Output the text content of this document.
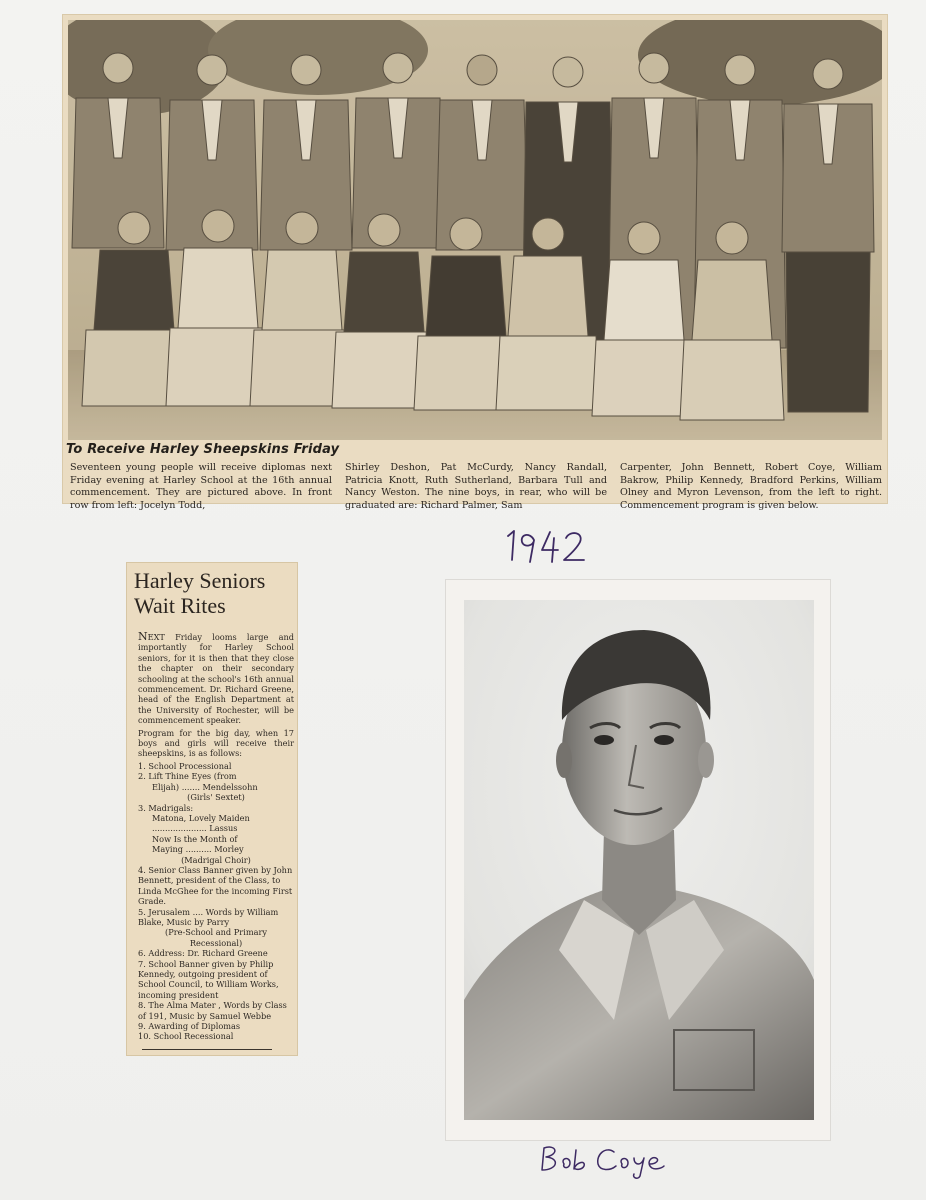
To Receive Harley Sheepskins Friday
Seventeen young people will receive diplomas next Friday evening at Harley School at the 16th annual commencement. They are pictured above. In front row from left: Jocelyn Todd,
Shirley Deshon, Pat McCurdy, Nancy Randall, Patricia Knott, Ruth Sutherland, Barbara Tull and Nancy Weston. The nine boys, in rear, who will be graduated are: Richard Palmer, Sam
Carpenter, John Bennett, Robert Coye, William Bakrow, Philip Kennedy, Bradford Perkins, William Olney and Myron Levenson, from the left to right. Commencement program is given below.
Harley Seniors Wait Rites

NEXT Friday looms large and importantly for Harley School seniors, for it is then that they close the chapter on their secondary schooling at the school's 16th annual commencement. Dr. Richard Greene, head of the English Department at the University of Rochester, will be commencement speaker.

Program for the big day, when 17 boys and girls will receive their sheepskins, is as follows:

1. School Processional
2. Lift Thine Eyes (from
Elijah) ....... Mendelssohn
(Girls' Sextet)
3. Madrigals:
Matona, Lovely Maiden
..................... Lassus
Now Is the Month of
Maying .......... Morley
(Madrigal Choir)
4. Senior Class Banner given by John Bennett, president of the Class, to Linda McGhee for the incoming First Grade.
5. Jerusalem .... Words by William Blake, Music by Parry
(Pre-School and Primary Recessional)
6. Address: Dr. Richard Greene
7. School Banner given by Philip Kennedy, outgoing president of School Council, to William Works, incoming president
8. The Alma Mater , Words by Class of 191, Music by Samuel Webbe
9. Awarding of Diplomas
10. School Recessional
